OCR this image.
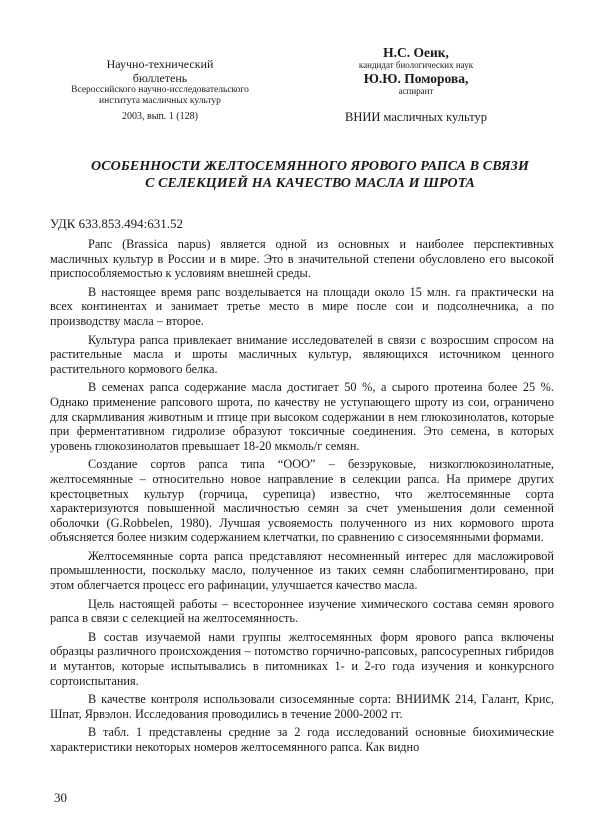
Научно-технический
бюллетень
Всероссийского научно-исследовательского
института масличных культур
2003, вып. 1 (128)
Н.С. Оеик,
кандидат биологических наук
Ю.Ю. Поморова,
аспирант
ВНИИ масличных культур
ОСОБЕННОСТИ ЖЕЛТОСЕМЯННОГО ЯРОВОГО РАПСА В СВЯЗИ
С СЕЛЕКЦИЕЙ НА КАЧЕСТВО МАСЛА И ШРОТА
УДК 633.853.494:631.52

Рапс (Brassica napus) является одной из основных и наиболее перспективных масличных культур в России и в мире. Это в значительной степени обусловлено его высокой приспособляемостью к условиям внешней среды.

В настоящее время рапс возделывается на площади около 15 млн. га практически на всех континентах и занимает третье место в мире после сои и подсолнечника, а по производству масла – второе.

Культура рапса привлекает внимание исследователей в связи с возросшим спросом на растительные масла и шроты масличных культур, являющихся источником ценного растительного кормового белка.

В семенах рапса содержание масла достигает 50 %, а сырого протеина более 25 %. Однако применение рапсового шрота, по качеству не уступающего шроту из сои, ограничено для скармливания животным и птице при высоком содержании в нем глюкозинолатов, которые при ферментативном гидролизе образуют токсичные соединения. Это семена, в которых уровень глюкозинолатов превышает 18-20 мкмоль/г семян.

Создание сортов рапса типа “ООО” – безэруковые, низкоглюкозинолатные, желтосемянные – относительно новое направление в селекции рапса. На примере других крестоцветных культур (горчица, сурепица) известно, что желтосемянные сорта характеризуются повышенной масличностью семян за счет уменьшения доли семенной оболочки (G.Robbelen, 1980). Лучшая усвояемость полученного из них кормового шрота объясняется более низким содержанием клетчатки, по сравнению с сизосемянными формами.

Желтосемянные сорта рапса представляют несомненный интерес для масложировой промышленности, поскольку масло, полученное из таких семян слабопигментировано, при этом облегчается процесс его рафинации, улучшается качество масла.

Цель настоящей работы – всестороннее изучение химического состава семян ярового рапса в связи с селекцией на желтосемянность.

В состав изучаемой нами группы желтосемянных форм ярового рапса включены образцы различного происхождения – потомство горчично-рапсовых, рапсосурепных гибридов и мутантов, которые испытывались в питомниках 1- и 2-го года изучения и конкурсного сортоиспытания.

В качестве контроля использовали сизосемянные сорта: ВНИИМК 214, Галант, Крис, Шпат, Ярвэлон. Исследования проводились в течение 2000-2002 гг.

В табл. 1 представлены средние за 2 года исследований основные биохимические характеристики некоторых номеров желтосемянного рапса. Как видно

30
